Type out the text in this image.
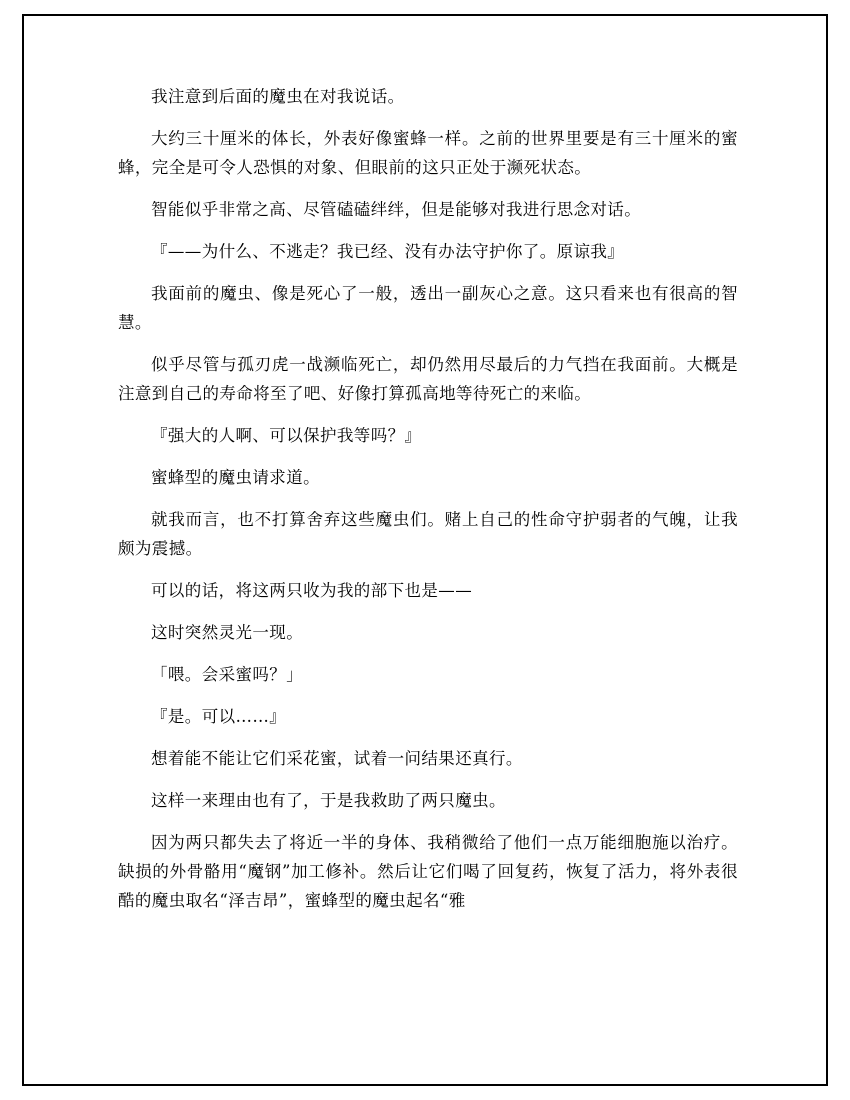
我注意到后面的魔虫在对我说话。

大约三十厘米的体长，外表好像蜜蜂一样。之前的世界里要是有三十厘米的蜜蜂，完全是可令人恐惧的对象、但眼前的这只正处于濒死状态。

智能似乎非常之高、尽管磕磕绊绊，但是能够对我进行思念对话。

『——为什么、不逃走？我已经、没有办法守护你了。原谅我』

我面前的魔虫、像是死心了一般，透出一副灰心之意。这只看来也有很高的智慧。

似乎尽管与孤刃虎一战濒临死亡，却仍然用尽最后的力气挡在我面前。大概是注意到自己的寿命将至了吧、好像打算孤高地等待死亡的来临。

『强大的人啊、可以保护我等吗？』

蜜蜂型的魔虫请求道。

就我而言，也不打算舍弃这些魔虫们。赌上自己的性命守护弱者的气魄，让我颇为震撼。

可以的话，将这两只收为我的部下也是——

这时突然灵光一现。

「喂。会采蜜吗？」

『是。可以……』

想着能不能让它们采花蜜，试着一问结果还真行。

这样一来理由也有了，于是我救助了两只魔虫。

因为两只都失去了将近一半的身体、我稍微给了他们一点万能细胞施以治疗。缺损的外骨骼用“魔钢”加工修补。然后让它们喝了回复药，恢复了活力，将外表很酷的魔虫取名“泽吉昂”，蜜蜂型的魔虫起名“雅
